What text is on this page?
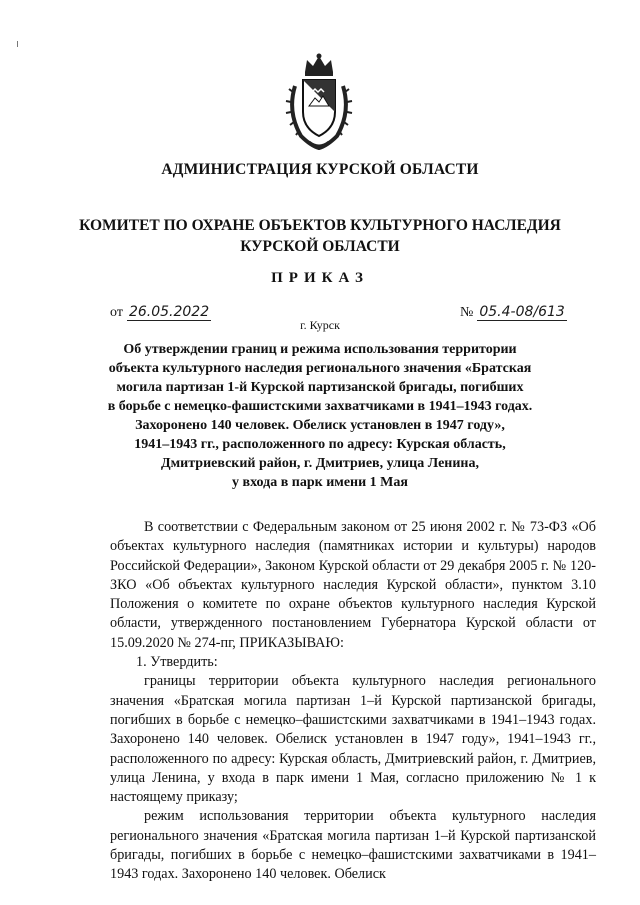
АДМИНИСТРАЦИЯ КУРСКОЙ ОБЛАСТИ
КОМИТЕТ ПО ОХРАНЕ ОБЪЕКТОВ КУЛЬТУРНОГО НАСЛЕДИЯ
КУРСКОЙ ОБЛАСТИ
ПРИКАЗ
от 26.05.2022	№ 05.4-08/613
г. Курск
Об утверждении границ и режима использования территории
объекта культурного наследия регионального значения «Братская
могила партизан 1-й Курской партизанской бригады, погибших
в борьбе с немецко-фашистскими захватчиками в 1941–1943 годах.
Захоронено 140 человек. Обелиск установлен в 1947 году»,
1941–1943 гг., расположенного по адресу: Курская область,
Дмитриевский район, г. Дмитриев, улица Ленина,
у входа в парк имени 1 Мая

В соответствии с Федеральным законом от 25 июня 2002 г. № 73-ФЗ «Об объектах культурного наследия (памятниках истории и культуры) народов Российской Федерации», Законом Курской области от 29 декабря 2005 г. № 120-ЗКО «Об объектах культурного наследия Курской области», пунктом 3.10 Положения о комитете по охране объектов культурного наследия Курской области, утвержденного постановлением Губернатора Курской области от 15.09.2020 № 274-пг, ПРИКАЗЫВАЮ:

1. Утвердить:

границы территории объекта культурного наследия регионального значения «Братская могила партизан 1–й Курской партизанской бригады, погибших в борьбе с немецко–фашистскими захватчиками в 1941–1943 годах. Захоронено 140 человек. Обелиск установлен в 1947 году», 1941–1943 гг., расположенного по адресу: Курская область, Дмитриевский район, г. Дмитриев, улица Ленина, у входа в парк имени 1 Мая, согласно приложению № 1 к настоящему приказу;

режим использования территории объекта культурного наследия регионального значения «Братская могила партизан 1–й Курской партизанской бригады, погибших в борьбе с немецко–фашистскими захватчиками в 1941–1943 годах. Захоронено 140 человек. Обелиск
